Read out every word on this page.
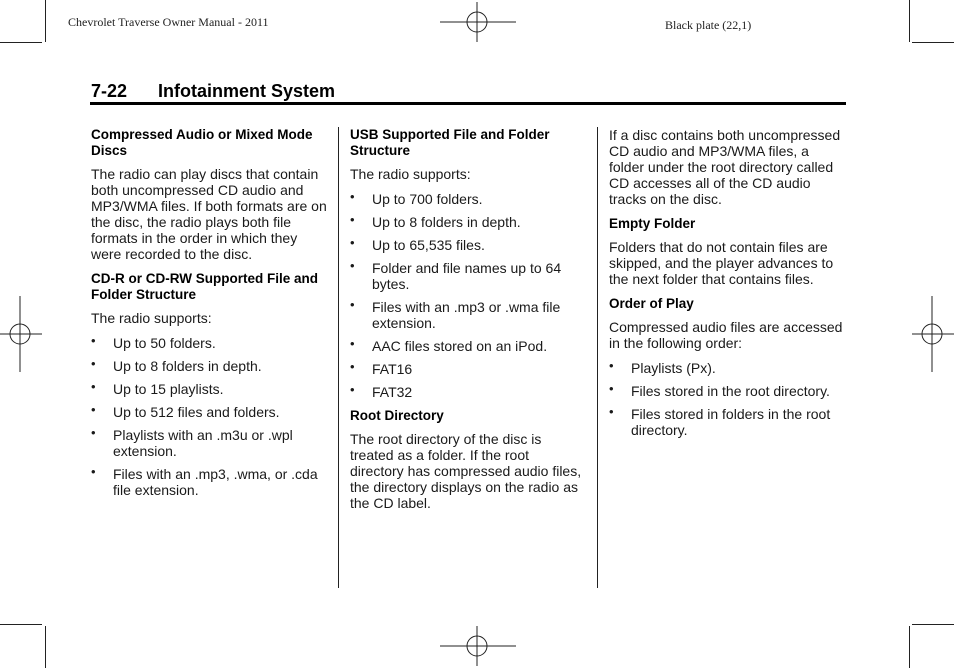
Chevrolet Traverse Owner Manual - 2011	Black plate (22,1)
7-22 Infotainment System
Compressed Audio or Mixed Mode Discs

The radio can play discs that contain both uncompressed CD audio and MP3/WMA files. If both formats are on the disc, the radio plays both file formats in the order in which they were recorded to the disc.

CD-R or CD-RW Supported File and Folder Structure

The radio supports:

• Up to 50 folders.
• Up to 8 folders in depth.
• Up to 15 playlists.
• Up to 512 files and folders.
• Playlists with an .m3u or .wpl extension.
• Files with an .mp3, .wma, or .cda file extension.
USB Supported File and Folder Structure

The radio supports:

• Up to 700 folders.
• Up to 8 folders in depth.
• Up to 65,535 files.
• Folder and file names up to 64 bytes.
• Files with an .mp3 or .wma file extension.
• AAC files stored on an iPod.
• FAT16
• FAT32
Root Directory

The root directory of the disc is treated as a folder. If the root directory has compressed audio files, the directory displays on the radio as the CD label.

If a disc contains both uncompressed CD audio and MP3/WMA files, a folder under the root directory called CD accesses all of the CD audio tracks on the disc.

Empty Folder

Folders that do not contain files are skipped, and the player advances to the next folder that contains files.

Order of Play

Compressed audio files are accessed in the following order:

• Playlists (Px).
• Files stored in the root directory.
• Files stored in folders in the root directory.
